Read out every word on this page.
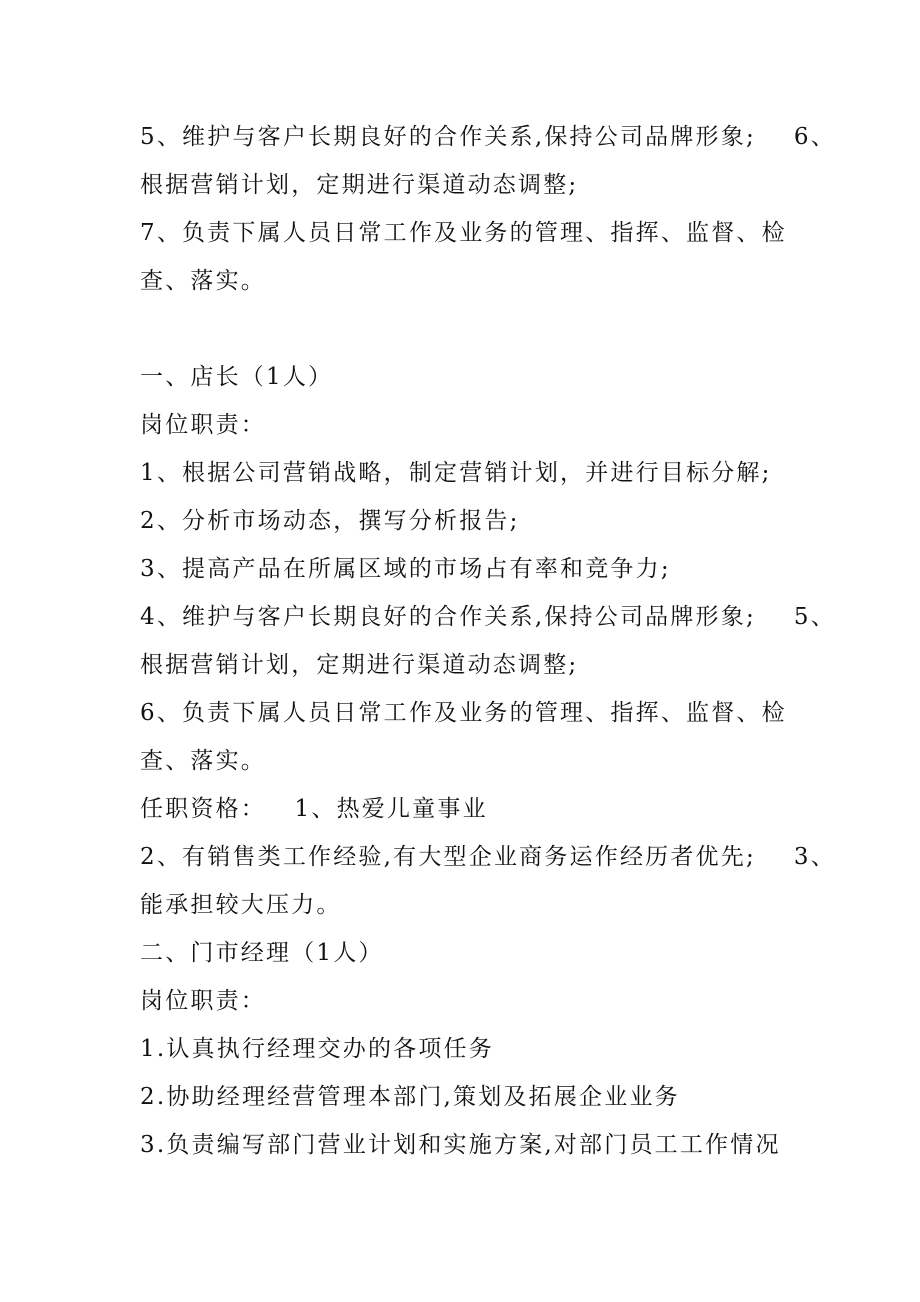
5、维护与客户长期良好的合作关系,保持公司品牌形象;    6、
根据营销计划，定期进行渠道动态调整;
7、负责下属人员日常工作及业务的管理、指挥、监督、检
查、落实。
一、店长（1人）
岗位职责：
1、根据公司营销战略，制定营销计划，并进行目标分解;
2、分析市场动态，撰写分析报告;
3、提高产品在所属区域的市场占有率和竞争力;
4、维护与客户长期良好的合作关系,保持公司品牌形象;    5、
根据营销计划，定期进行渠道动态调整;
6、负责下属人员日常工作及业务的管理、指挥、监督、检
查、落实。
任职资格：   1、热爱儿童事业
2、有销售类工作经验,有大型企业商务运作经历者优先;    3、
能承担较大压力。
二、门市经理（1人）
岗位职责：
1.认真执行经理交办的各项任务
2.协助经理经营管理本部门,策划及拓展企业业务
3.负责编写部门营业计划和实施方案,对部门员工工作情况
